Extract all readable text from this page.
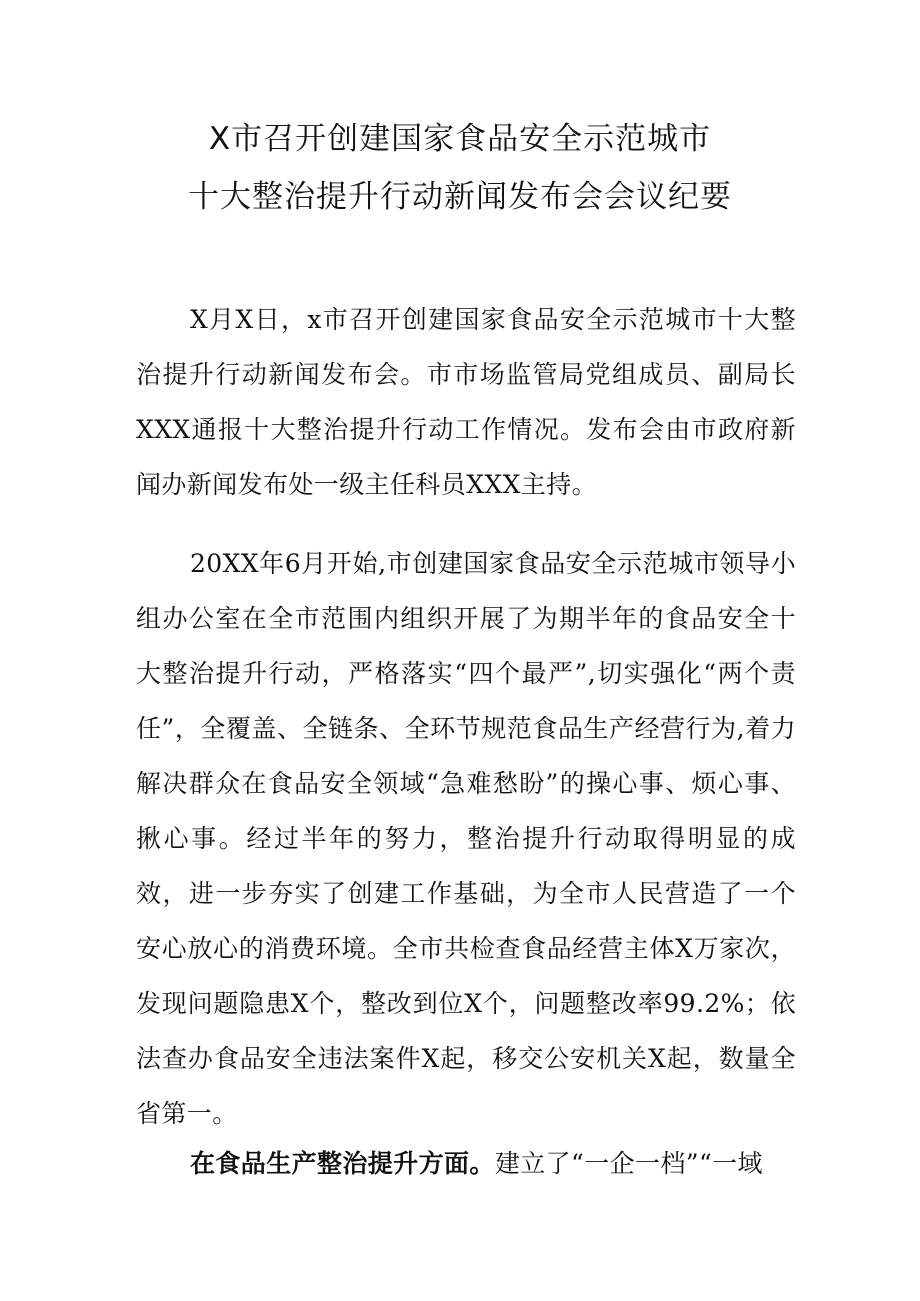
X市召开创建国家食品安全示范城市
十大整治提升行动新闻发布会会议纪要

X月X日，x市召开创建国家食品安全示范城市十大整治提升行动新闻发布会。市市场监管局党组成员、副局长XXX通报十大整治提升行动工作情况。发布会由市政府新闻办新闻发布处一级主任科员XXX主持。

20XX年6月开始,市创建国家食品安全示范城市领导小组办公室在全市范围内组织开展了为期半年的食品安全十大整治提升行动，严格落实“四个最严”,切实强化“两个责任”，全覆盖、全链条、全环节规范食品生产经营行为,着力解决群众在食品安全领域“急难愁盼”的操心事、烦心事、揪心事。经过半年的努力，整治提升行动取得明显的成效，进一步夯实了创建工作基础，为全市人民营造了一个安心放心的消费环境。全市共检查食品经营主体X万家次，发现问题隐患X个，整改到位X个，问题整改率99.2%；依法查办食品安全违法案件X起，移交公安机关X起，数量全省第一。

在食品生产整治提升方面。建立了“一企一档”“一域
